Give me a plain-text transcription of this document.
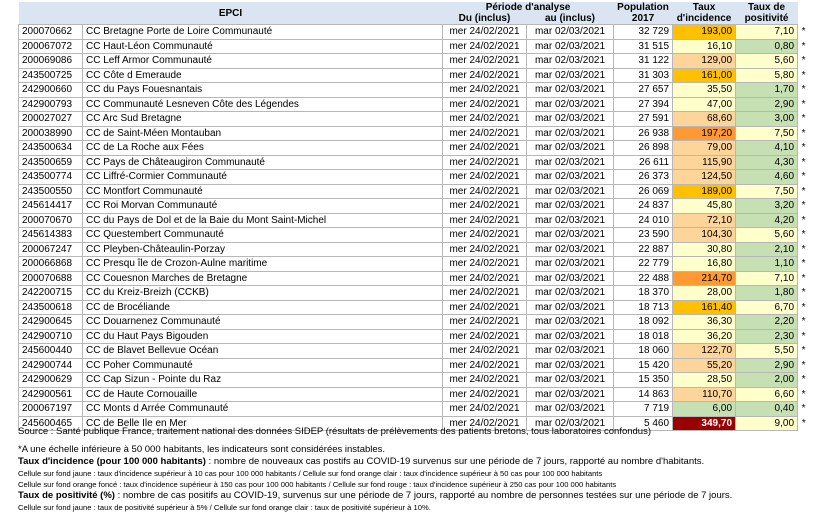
EPCI		Période d'analyse		Population	Taux	Taux de	
		Du (inclus)	au (inclus)	2017	d'incidence	positivité	
200070662	CC Bretagne Porte de Loire Communauté	mer 24/02/2021	mar 02/03/2021	32 729	193,00	7,10	*
200067072	CC Haut-Léon Communauté	mer 24/02/2021	mar 02/03/2021	31 515	16,10	0,80	*
200069086	CC Leff Armor Communauté	mer 24/02/2021	mar 02/03/2021	31 122	129,00	5,60	*
243500725	CC Côte d Emeraude	mer 24/02/2021	mar 02/03/2021	31 303	161,00	5,80	*
242900660	CC du Pays Fouesnantais	mer 24/02/2021	mar 02/03/2021	27 657	35,50	1,70	*
242900793	CC Communauté Lesneven Côte des Légendes	mer 24/02/2021	mar 02/03/2021	27 394	47,00	2,90	*
200027027	CC Arc Sud Bretagne	mer 24/02/2021	mar 02/03/2021	27 591	68,60	3,00	*
200038990	CC de Saint-Méen Montauban	mer 24/02/2021	mar 02/03/2021	26 938	197,20	7,50	*
243500634	CC de La Roche aux Fées	mer 24/02/2021	mar 02/03/2021	26 898	79,00	4,10	*
243500659	CC Pays de Châteaugiron Communauté	mer 24/02/2021	mar 02/03/2021	26 611	115,90	4,30	*
243500774	CC Liffré-Cormier Communauté	mer 24/02/2021	mar 02/03/2021	26 373	124,50	4,60	*
243500550	CC Montfort Communauté	mer 24/02/2021	mar 02/03/2021	26 069	189,00	7,50	*
245614417	CC Roi Morvan Communauté	mer 24/02/2021	mar 02/03/2021	24 837	45,80	3,20	*
200070670	CC du Pays de Dol et de la Baie du Mont Saint-Michel	mer 24/02/2021	mar 02/03/2021	24 010	72,10	4,20	*
245614383	CC Questembert Communauté	mer 24/02/2021	mar 02/03/2021	23 590	104,30	5,60	*
200067247	CC Pleyben-Châteaulin-Porzay	mer 24/02/2021	mar 02/03/2021	22 887	30,80	2,10	*
200066868	CC Presqu île de Crozon-Aulne maritime	mer 24/02/2021	mar 02/03/2021	22 779	16,80	1,10	*
200070688	CC Couesnon Marches de Bretagne	mer 24/02/2021	mar 02/03/2021	22 488	214,70	7,10	*
242200715	CC du Kreiz-Breizh (CCKB)	mer 24/02/2021	mar 02/03/2021	18 370	28,00	1,80	*
243500618	CC de Brocéliande	mer 24/02/2021	mar 02/03/2021	18 713	161,40	6,70	*
242900645	CC Douarnenez Communauté	mer 24/02/2021	mar 02/03/2021	18 092	36,30	2,20	*
242900710	CC du Haut Pays Bigouden	mer 24/02/2021	mar 02/03/2021	18 018	36,20	2,30	*
245600440	CC de Blavet Bellevue Océan	mer 24/02/2021	mar 02/03/2021	18 060	122,70	5,50	*
242900744	CC Poher Communauté	mer 24/02/2021	mar 02/03/2021	15 420	55,20	2,90	*
242900629	CC Cap Sizun - Pointe du Raz	mer 24/02/2021	mar 02/03/2021	15 350	28,50	2,00	*
242900561	CC de Haute Cornouaille	mer 24/02/2021	mar 02/03/2021	14 863	110,70	6,60	*
200067197	CC Monts d Arrée Communauté	mer 24/02/2021	mar 02/03/2021	7 719	6,00	0,40	*
245600465	CC de Belle Ile en Mer	mer 24/02/2021	mar 02/03/2021	5 460	349,70	9,00	*
Source : Santé publique France, traitement national des données SIDEP (résultats de prélèvements des patients bretons, tous laboratoires confondus)
*A une échelle inférieure à 50 000 habitants, les indicateurs sont considérées instables.
Taux d'incidence (pour 100 000 habitants) : nombre de nouveaux cas postifs au COVID-19 survenus sur une période de 7 jours, rapporté au nombre d'habitants.
Cellule sur fond jaune : taux d'incidence supérieur à 10 cas pour 100 000 habitants / Cellule sur fond orange clair : taux d'incidence supérieur à 50 cas pour 100 000 habitants
Cellule sur fond orange foncé : taux d'incidence supérieur à 150 cas pour 100 000 habitants / Cellule sur fond rouge : taux d'incidence supérieur à 250 cas pour 100 000 habitants
Taux de positivité (%) : nombre de cas positifs au COVID-19, survenus sur une période de 7 jours, rapporté au nombre de personnes testées sur une période de 7 jours.
Cellule sur fond jaune : taux de positivité supérieur à 5% / Cellule sur fond orange clair : taux de positivité supérieur à 10%.
